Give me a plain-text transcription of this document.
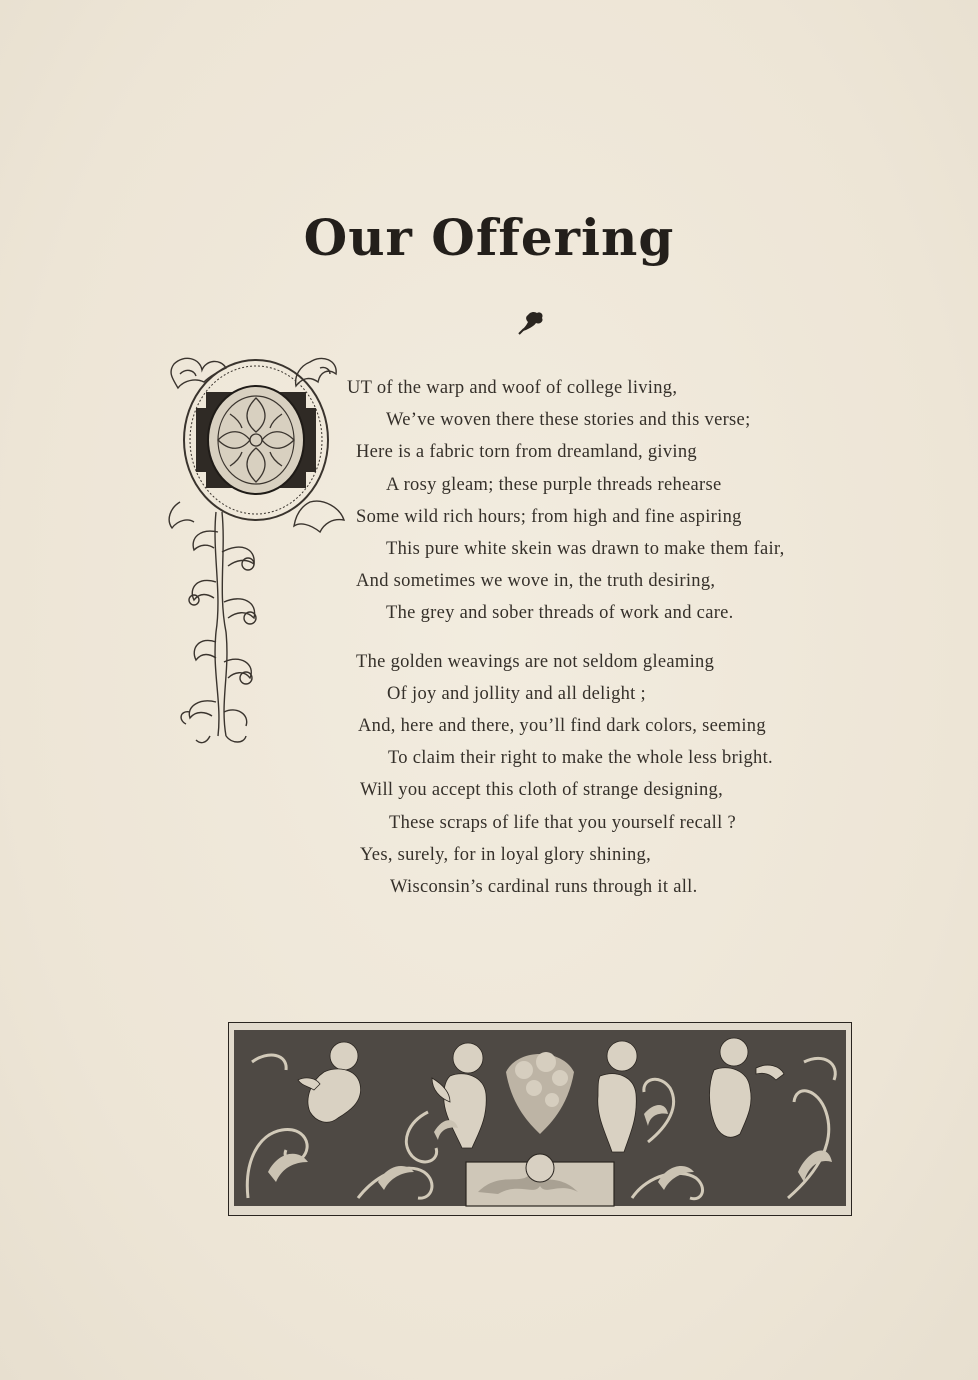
Our Offering
UT of the warp and woof of college living,
We’ve woven there these stories and this verse;
Here is a fabric torn from dreamland, giving
A rosy gleam; these purple threads rehearse
Some wild rich hours; from high and fine aspiring
This pure white skein was drawn to make them fair,
And sometimes we wove in, the truth desiring,
The grey and sober threads of work and care.
The golden weavings are not seldom gleaming
Of joy and jollity and all delight ;
And, here and there, you’ll find dark colors, seeming
To claim their right to make the whole less bright.
Will you accept this cloth of strange designing,
These scraps of life that you yourself recall ?
Yes, surely, for in loyal glory shining,
Wisconsin’s cardinal runs through it all.
